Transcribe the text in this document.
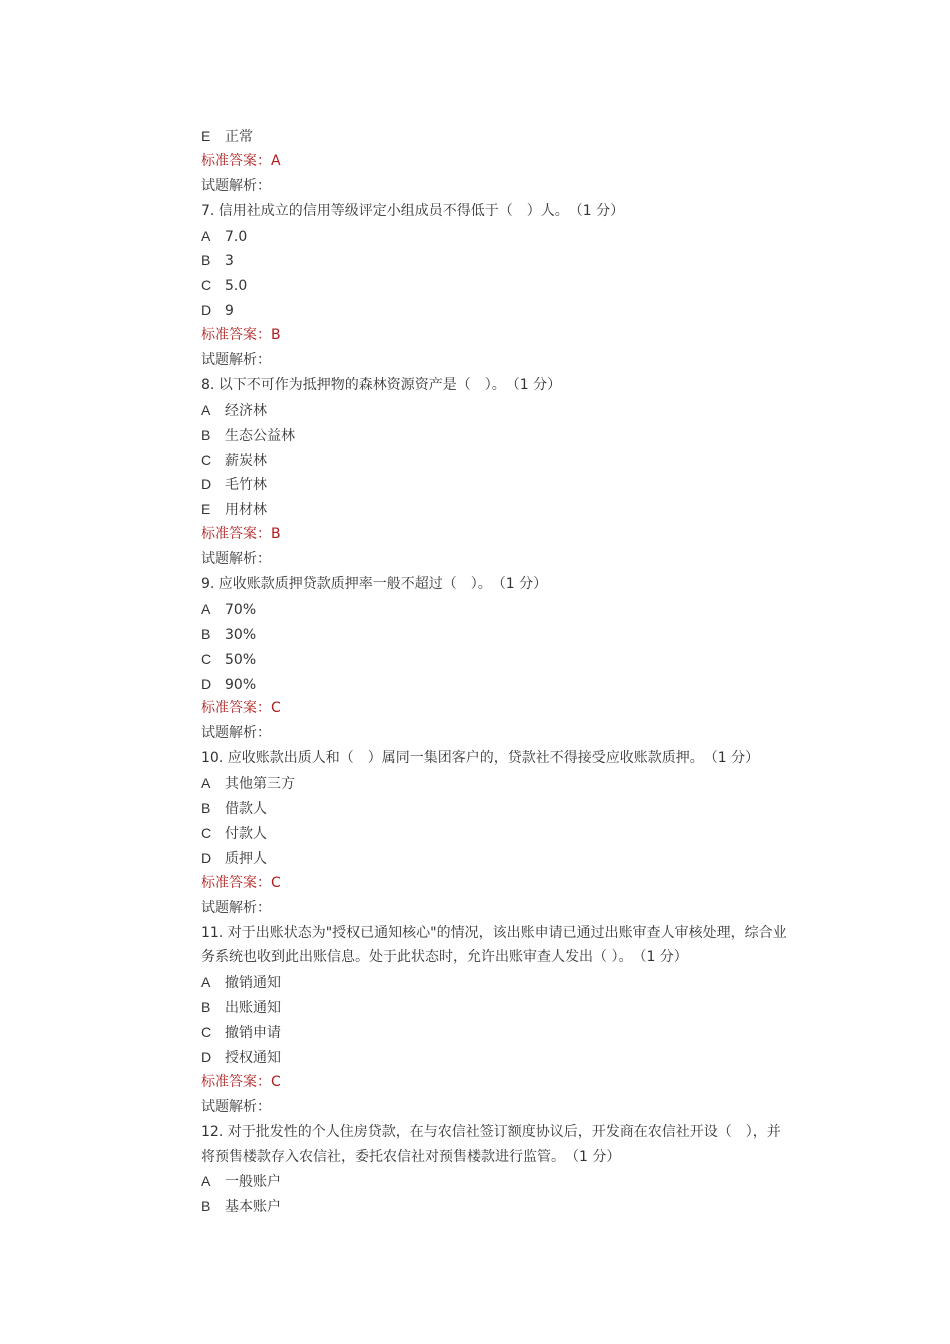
E 正常
标准答案：A
试题解析：
7. 信用社成立的信用等级评定小组成员不得低于（　）人。　（1 分）
A 7.0
B 3
C 5.0
D 9
标准答案：B
试题解析：
8. 以下不可作为抵押物的森林资源资产是（　）。　（1 分）
A 经济林
B 生态公益林
C 薪炭林
D 毛竹林
E 用材林
标准答案：B
试题解析：
9. 应收账款质押贷款质押率一般不超过（　）。　（1 分）
A 70%
B 30%
C 50%
D 90%
标准答案：C
试题解析：
10. 应收账款出质人和（　）属同一集团客户的，贷款社不得接受应收账款质押。　（1 分）
A 其他第三方
B 借款人
C 付款人
D 质押人
标准答案：C
试题解析：
11. 对于出账状态为"授权已通知核心"的情况，该出账申请已通过出账审查人审核处理，综合业
务系统也收到此出账信息。处于此状态时，允许出账审查人发出（ ）。　（1 分）
A 撤销通知
B 出账通知
C 撤销申请
D 授权通知
标准答案：C
试题解析：
12. 对于批发性的个人住房贷款，在与农信社签订额度协议后，开发商在农信社开设（　），并
将预售楼款存入农信社，委托农信社对预售楼款进行监管。　（1 分）
A 一般账户
B 基本账户
